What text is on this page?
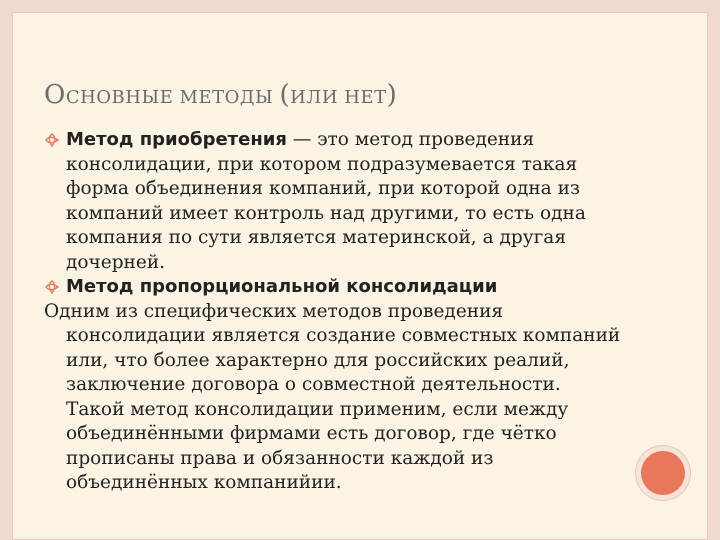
ОСНОВНЫЕ МЕТОДЫ (ИЛИ НЕТ)
Метод приобретения — это метод проведения консолидации, при котором подразумевается такая форма объединения компаний, при которой одна из компаний имеет контроль над другими, то есть одна компания по сути является материнской, а другая дочерней.
Метод пропорциональной консолидации
Одним из специфических методов проведения консолидации является создание совместных компаний или, что более характерно для российских реалий, заключение договора о совместной деятельности. Такой метод консолидации применим, если между объединёнными фирмами есть договор, где чётко прописаны права и обязанности каждой из объединённых компанийии.
